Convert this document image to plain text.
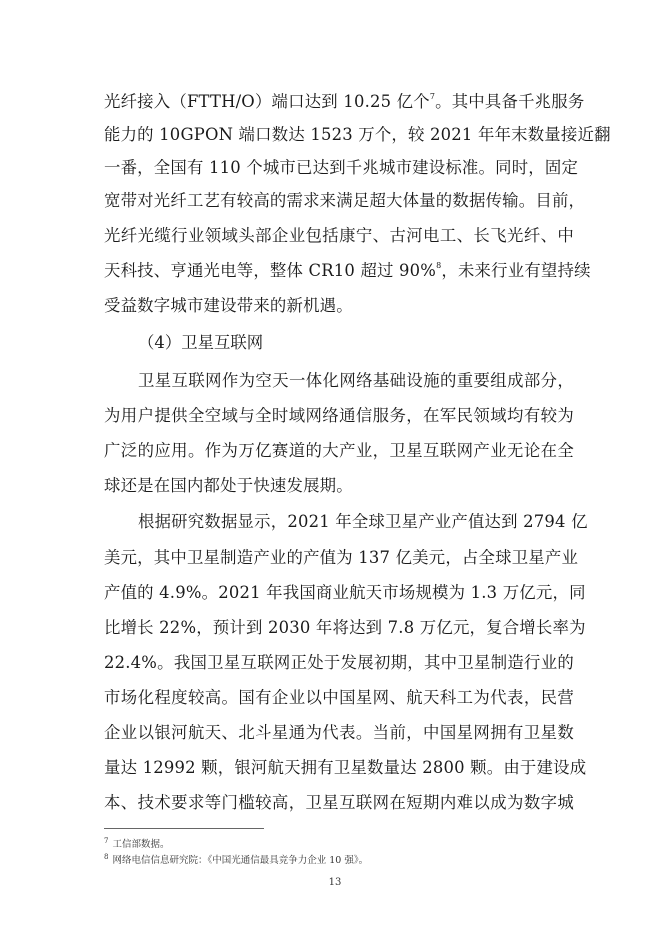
光纤接入（FTTH/O）端口达到 10.25 亿个$^7$。其中具备千兆服务
能力的 10GPON 端口数达 1523 万个，较 2021 年年末数量接近翻
一番，全国有 110 个城市已达到千兆城市建设标准。同时，固定
宽带对光纤工艺有较高的需求来满足超大体量的数据传输。目前，
光纤光缆行业领域头部企业包括康宁、古河电工、长飞光纤、中
天科技、亨通光电等，整体 CR10 超过 90%$^8$，未来行业有望持续
受益数字城市建设带来的新机遇。
（4）卫星互联网
卫星互联网作为空天一体化网络基础设施的重要组成部分，
为用户提供全空域与全时域网络通信服务，在军民领域均有较为
广泛的应用。作为万亿赛道的大产业，卫星互联网产业无论在全
球还是在国内都处于快速发展期。
根据研究数据显示，2021 年全球卫星产业产值达到 2794 亿
美元，其中卫星制造产业的产值为 137 亿美元，占全球卫星产业
产值的 4.9%。2021 年我国商业航天市场规模为 1.3 万亿元，同
比增长 22%，预计到 2030 年将达到 7.8 万亿元，复合增长率为
22.4%。我国卫星互联网正处于发展初期，其中卫星制造行业的
市场化程度较高。国有企业以中国星网、航天科工为代表，民营
企业以银河航天、北斗星通为代表。当前，中国星网拥有卫星数
量达 12992 颗，银河航天拥有卫星数量达 2800 颗。由于建设成
本、技术要求等门槛较高，卫星互联网在短期内难以成为数字城
$^7$ 工信部数据。
$^8$ 网络电信信息研究院：《中国光通信最具竞争力企业 10 强》。
13
